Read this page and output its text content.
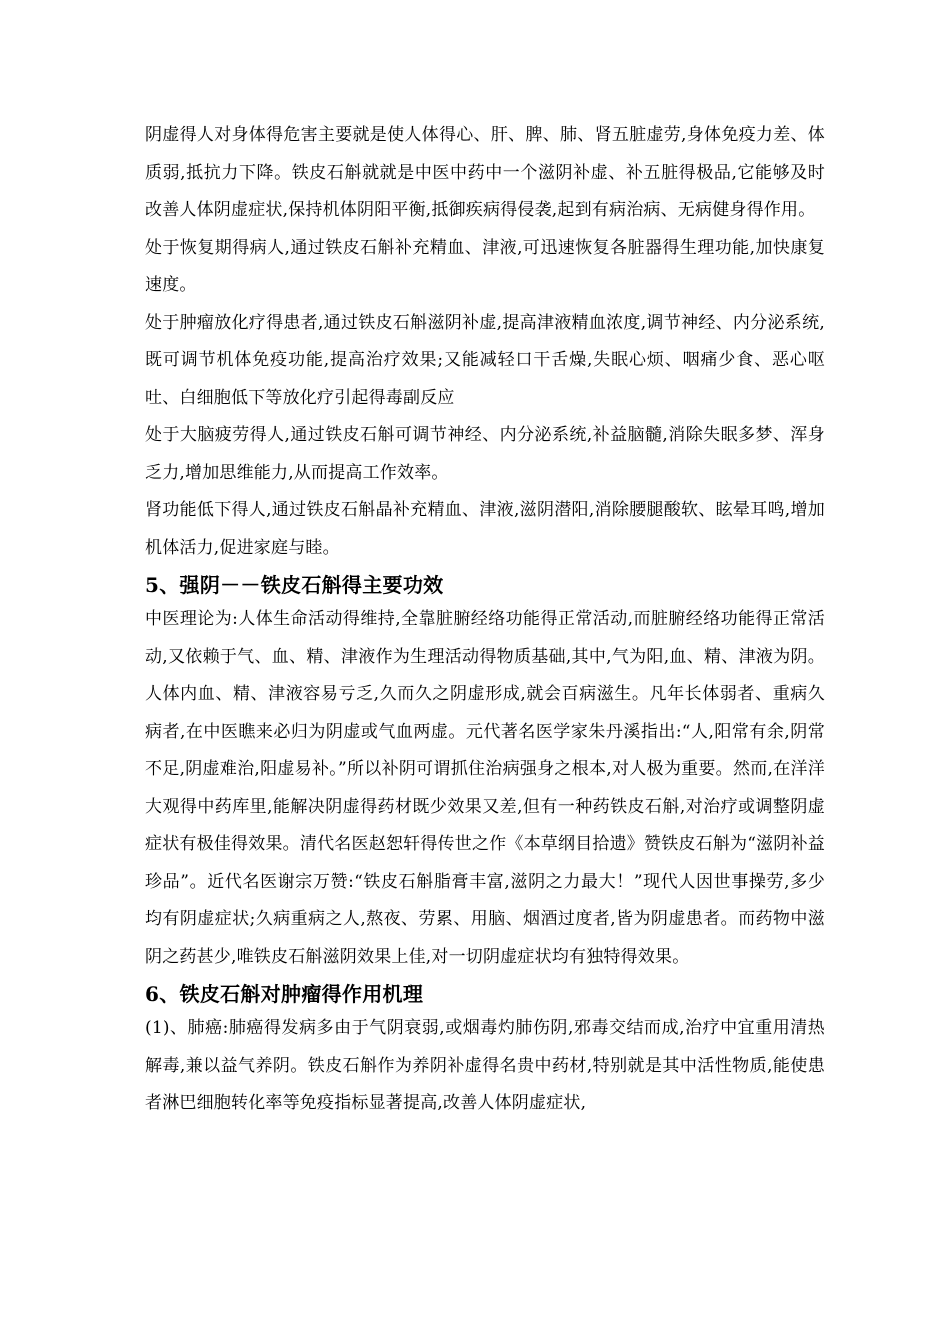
阴虚得人对身体得危害主要就是使人体得心、肝、脾、肺、肾五脏虚劳,身体免疫力差、体质弱,抵抗力下降。铁皮石斛就就是中医中药中一个滋阴补虚、补五脏得极品,它能够及时改善人体阴虚症状,保持机体阴阳平衡,抵御疾病得侵袭,起到有病治病、无病健身得作用。

处于恢复期得病人,通过铁皮石斛补充精血、津液,可迅速恢复各脏器得生理功能,加快康复速度。

处于肿瘤放化疗得患者,通过铁皮石斛滋阴补虚,提高津液精血浓度,调节神经、内分泌系统,既可调节机体免疫功能,提高治疗效果;又能减轻口干舌燥,失眠心烦、咽痛少食、恶心呕吐、白细胞低下等放化疗引起得毒副反应

处于大脑疲劳得人,通过铁皮石斛可调节神经、内分泌系统,补益脑髓,消除失眠多梦、浑身乏力,增加思维能力,从而提高工作效率。

肾功能低下得人,通过铁皮石斛晶补充精血、津液,滋阴潜阳,消除腰腿酸软、眩晕耳鸣,增加机体活力,促进家庭与睦。

5、强阴－－铁皮石斛得主要功效

中医理论为:人体生命活动得维持,全靠脏腑经络功能得正常活动,而脏腑经络功能得正常活动,又依赖于气、血、精、津液作为生理活动得物质基础,其中,气为阳,血、精、津液为阴。人体内血、精、津液容易亏乏,久而久之阴虚形成,就会百病滋生。凡年长体弱者、重病久病者,在中医瞧来必归为阴虚或气血两虚。元代著名医学家朱丹溪指出:“人,阳常有余,阴常不足,阴虚难治,阳虚易补。”所以补阴可谓抓住治病强身之根本,对人极为重要。然而,在洋洋大观得中药库里,能解决阴虚得药材既少效果又差,但有一种药铁皮石斛,对治疗或调整阴虚症状有极佳得效果。清代名医赵恕轩得传世之作《本草纲目拾遗》赞铁皮石斛为“滋阴补益珍品”。近代名医谢宗万赞:“铁皮石斛脂膏丰富,滋阴之力最大！”现代人因世事操劳,多少均有阴虚症状;久病重病之人,熬夜、劳累、用脑、烟酒过度者,皆为阴虚患者。而药物中滋阴之药甚少,唯铁皮石斛滋阴效果上佳,对一切阴虚症状均有独特得效果。

6、铁皮石斛对肿瘤得作用机理

(1)、肺癌:肺癌得发病多由于气阴衰弱,或烟毒灼肺伤阴,邪毒交结而成,治疗中宜重用清热解毒,兼以益气养阴。铁皮石斛作为养阴补虚得名贵中药材,特别就是其中活性物质,能使患者淋巴细胞转化率等免疫指标显著提高,改善人体阴虚症状,
